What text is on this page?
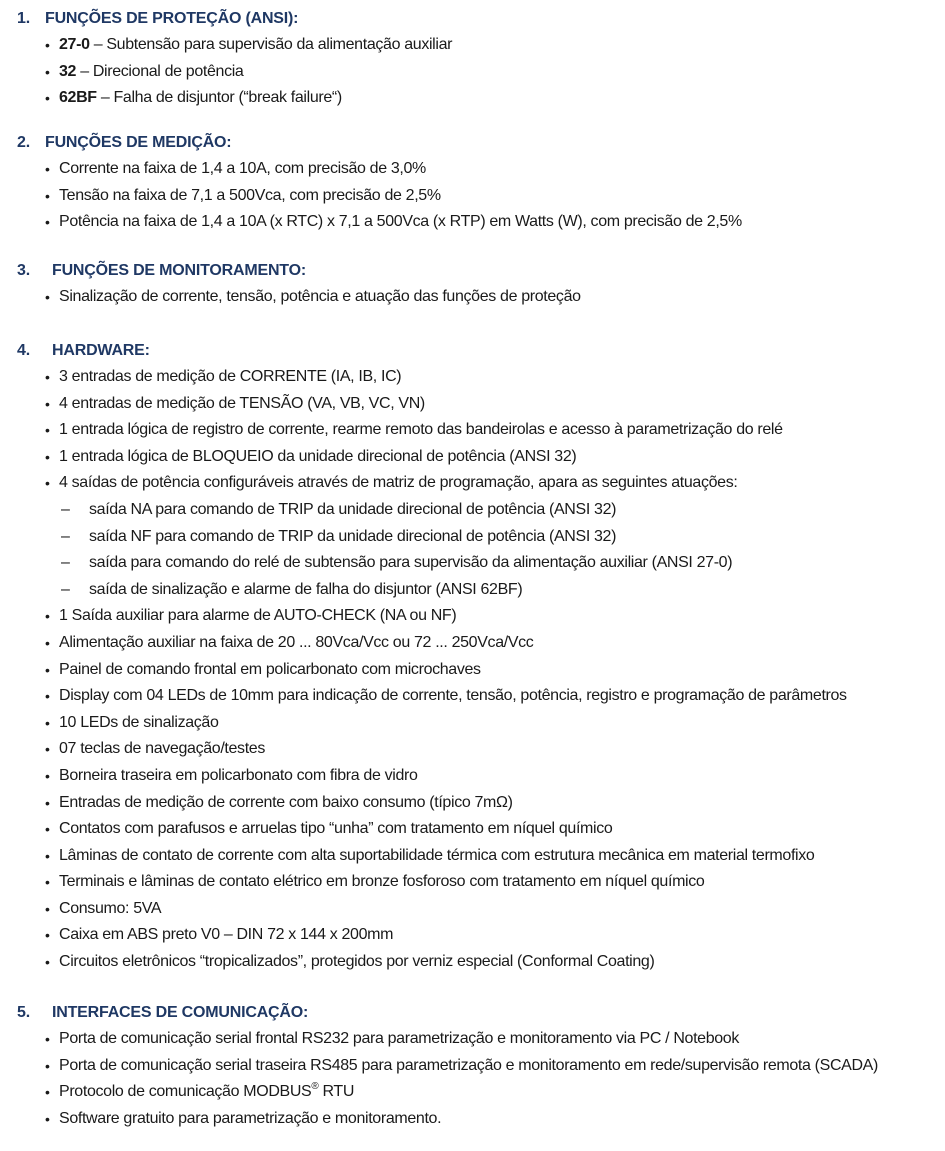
1. FUNÇÕES DE PROTEÇÃO (ANSI):
• 27-0 – Subtensão para supervisão da alimentação auxiliar
• 32 – Direcional de potência
• 62BF – Falha de disjuntor (“break failure“)
2. FUNÇÕES DE MEDIÇÃO:
• Corrente na faixa de 1,4 a 10A, com precisão de 3,0%
• Tensão na faixa de 7,1 a 500Vca, com precisão de 2,5%
• Potência na faixa de 1,4 a 10A (x RTC) x 7,1 a 500Vca (x RTP) em Watts (W), com precisão de 2,5%
3. FUNÇÕES DE MONITORAMENTO:
• Sinalização de corrente, tensão, potência e atuação das funções de proteção
4. HARDWARE:
• 3 entradas de medição de CORRENTE (IA, IB, IC)
• 4 entradas de medição de TENSÃO (VA, VB, VC, VN)
• 1 entrada lógica de registro de corrente, rearme remoto das bandeirolas e acesso à parametrização do relé
• 1 entrada lógica de BLOQUEIO da unidade direcional de potência (ANSI 32)
• 4 saídas de potência configuráveis através de matriz de programação, apara as seguintes atuações:
– saída NA para comando de TRIP da unidade direcional de potência (ANSI 32)
– saída NF para comando de TRIP da unidade direcional de potência (ANSI 32)
– saída para comando do relé de subtensão para supervisão da alimentação auxiliar (ANSI 27-0)
– saída de sinalização e alarme de falha do disjuntor (ANSI 62BF)
• 1 Saída auxiliar para alarme de AUTO-CHECK (NA ou NF)
• Alimentação auxiliar na faixa de 20 ... 80Vca/Vcc ou 72 ... 250Vca/Vcc
• Painel de comando frontal em policarbonato com microchaves
• Display com 04 LEDs de 10mm para indicação de corrente, tensão, potência, registro e programação de parâmetros
• 10 LEDs de sinalização
• 07 teclas de navegação/testes
• Borneira traseira em policarbonato com fibra de vidro
• Entradas de medição de corrente com baixo consumo (típico 7mΩ)
• Contatos com parafusos e arruelas tipo “unha” com tratamento em níquel químico
• Lâminas de contato de corrente com alta suportabilidade térmica com estrutura mecânica em material termofixo
• Terminais e lâminas de contato elétrico em bronze fosforoso com tratamento em níquel químico
• Consumo: 5VA
• Caixa em ABS preto V0 – DIN 72 x 144 x 200mm
• Circuitos eletrônicos “tropicalizados”, protegidos por verniz especial (Conformal Coating)
5. INTERFACES DE COMUNICAÇÃO:
• Porta de comunicação serial frontal RS232 para parametrização e monitoramento via PC / Notebook
• Porta de comunicação serial traseira RS485 para parametrização e monitoramento em rede/supervisão remota (SCADA)
• Protocolo de comunicação MODBUS® RTU
• Software gratuito para parametrização e monitoramento.
